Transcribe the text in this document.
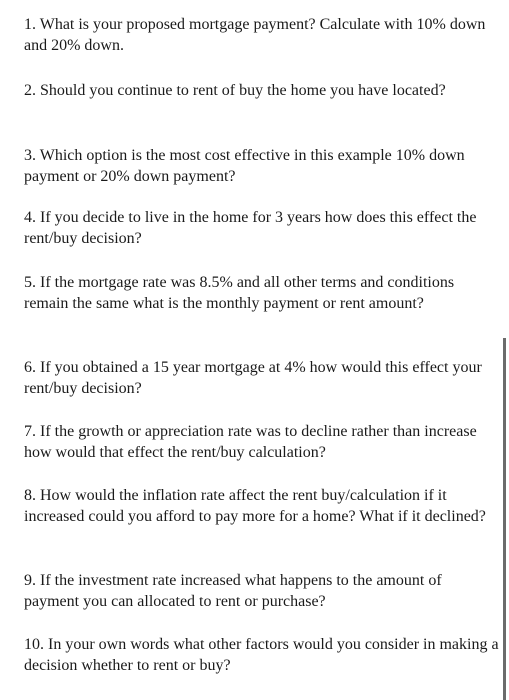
1. What is your proposed mortgage payment? Calculate with 10% down and 20% down.

2. Should you continue to rent of buy the home you have located?

3. Which option is the most cost effective in this example 10% down payment or 20% down payment?

4. If you decide to live in the home for 3 years how does this effect the rent/buy decision?

5. If the mortgage rate was 8.5% and all other terms and conditions remain the same what is the monthly payment or rent amount?

6. If you obtained a 15 year mortgage at 4% how would this effect your rent/buy decision?

7. If the growth or appreciation rate was to decline rather than increase how would that effect the rent/buy calculation?

8. How would the inflation rate affect the rent buy/calculation if it increased could you afford to pay more for a home? What if it declined?

9. If the investment rate increased what happens to the amount of payment you can allocated to rent or purchase?

10. In your own words what other factors would you consider in making a decision whether to rent or buy?
